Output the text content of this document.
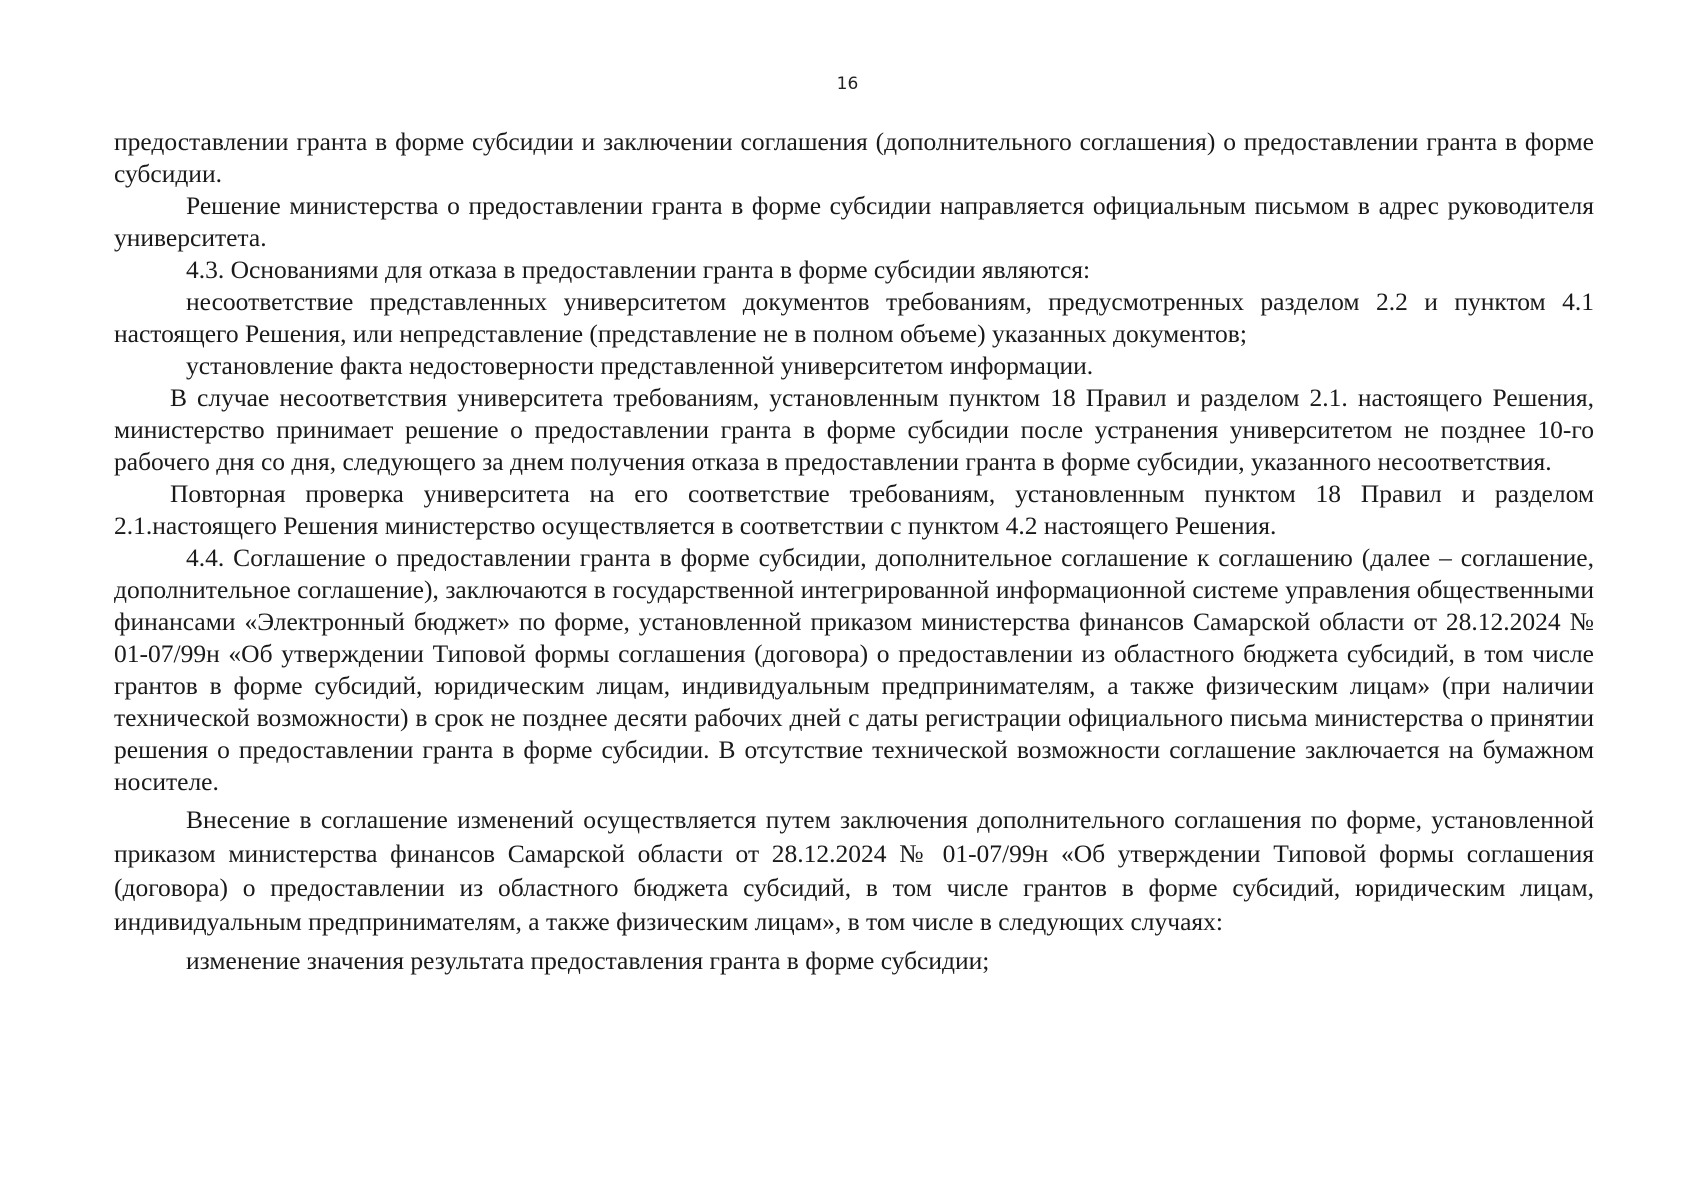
16

предоставлении гранта в форме субсидии и заключении соглашения (дополнительного соглашения) о предоставлении гранта в форме субсидии.

Решение министерства о предоставлении гранта в форме субсидии направляется официальным письмом в адрес руководителя университета.

4.3. Основаниями для отказа в предоставлении гранта в форме субсидии являются:

несоответствие представленных университетом документов требованиям, предусмотренных разделом 2.2 и пунктом 4.1 настоящего Решения, или непредставление (представление не в полном объеме) указанных документов;

установление факта недостоверности представленной университетом информации.

В случае несоответствия университета требованиям, установленным пунктом 18 Правил и разделом 2.1. настоящего Решения, министерство принимает решение о предоставлении гранта в форме субсидии после устранения университетом не позднее 10-го рабочего дня со дня, следующего за днем получения отказа в предоставлении гранта в форме субсидии, указанного несоответствия.

Повторная проверка университета на его соответствие требованиям, установленным пунктом 18 Правил и разделом 2.1.настоящего Решения министерство осуществляется в соответствии с пунктом 4.2 настоящего Решения.

4.4. Соглашение о предоставлении гранта в форме субсидии, дополнительное соглашение к соглашению (далее – соглашение, дополнительное соглашение), заключаются в государственной интегрированной информационной системе управления общественными финансами «Электронный бюджет» по форме, установленной приказом министерства финансов Самарской области от 28.12.2024 № 01-07/99н «Об утверждении Типовой формы соглашения (договора) о предоставлении из областного бюджета субсидий, в том числе грантов в форме субсидий, юридическим лицам, индивидуальным предпринимателям, а также физическим лицам» (при наличии технической возможности) в срок не позднее десяти рабочих дней с даты регистрации официального письма министерства о принятии решения о предоставлении гранта в форме субсидии. В отсутствие технической возможности соглашение заключается на бумажном носителе.

Внесение в соглашение изменений осуществляется путем заключения дополнительного соглашения по форме, установленной приказом министерства финансов Самарской области от 28.12.2024 № 01-07/99н «Об утверждении Типовой формы соглашения (договора) о предоставлении из областного бюджета субсидий, в том числе грантов в форме субсидий, юридическим лицам, индивидуальным предпринимателям, а также физическим лицам», в том числе в следующих случаях:

изменение значения результата предоставления гранта в форме субсидии;
